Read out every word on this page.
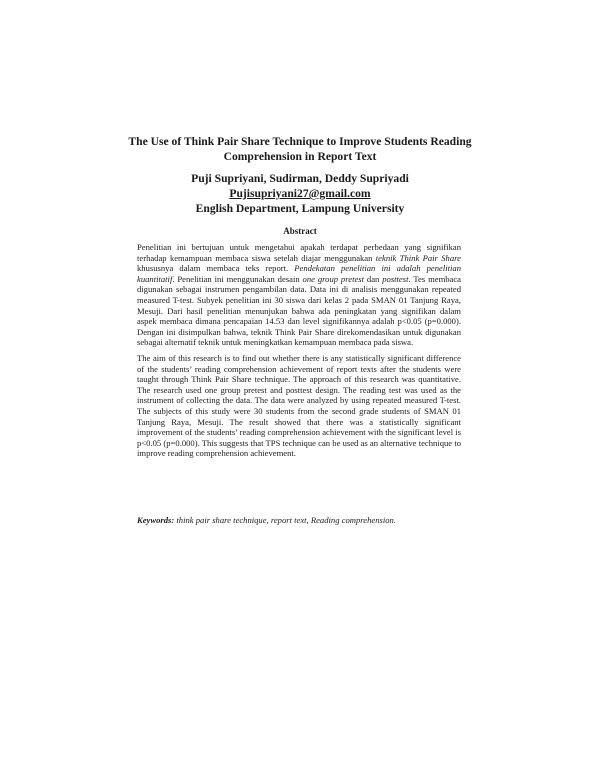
The Use of Think Pair Share Technique to Improve Students Reading
Comprehension in Report Text
Puji Supriyani, Sudirman, Deddy Supriyadi
Pujisupriyani27@gmail.com
English Department, Lampung University
Abstract

Penelitian ini bertujuan untuk mengetahui apakah terdapat perbedaan yang signifikan terhadap kemampuan membaca siswa setelah diajar menggunakan teknik Think Pair Share khususnya dalam membaca teks report. Pendekatan penelitian ini adalah penelitian kuantitatif. Penelitian ini menggunakan desain one group pretest dan posttest. Tes membaca digunakan sebagai instrumen pengambilan data. Data ini di analisis menggunakan repeated measured T-test. Subyek penelitian ini 30 siswa dari kelas 2 pada SMAN 01 Tanjung Raya, Mesuji. Dari hasil penelitian menunjukan bahwa ada peningkatan yang signifikan dalam aspek membaca dimana pencapaian 14.53 dan level signifikannya adalah p<0.05 (p=0.000). Dengan ini disimpulkan bahwa, teknik Think Pair Share direkomendasikan untuk digunakan sebagai alternatif teknik untuk meningkatkan kemampuan membaca pada siswa.

The aim of this research is to find out whether there is any statistically significant difference of the students’ reading comprehension achievement of report texts after the students were taught through Think Pair Share technique. The approach of this research was quantitative. The research used one group pretest and posttest design. The reading test was used as the instrument of collecting the data. The data were analyzed by using repeated measured T-test. The subjects of this study were 30 students from the second grade students of SMAN 01 Tanjung Raya, Mesuji. The result showed that there was a statistically significant improvement of the students’ reading comprehension achievement with the significant level is p<0.05 (p=0.000). This suggests that TPS technique can be used as an alternative technique to improve reading comprehension achievement.

Keywords: think pair share technique, report text, Reading comprehension.
